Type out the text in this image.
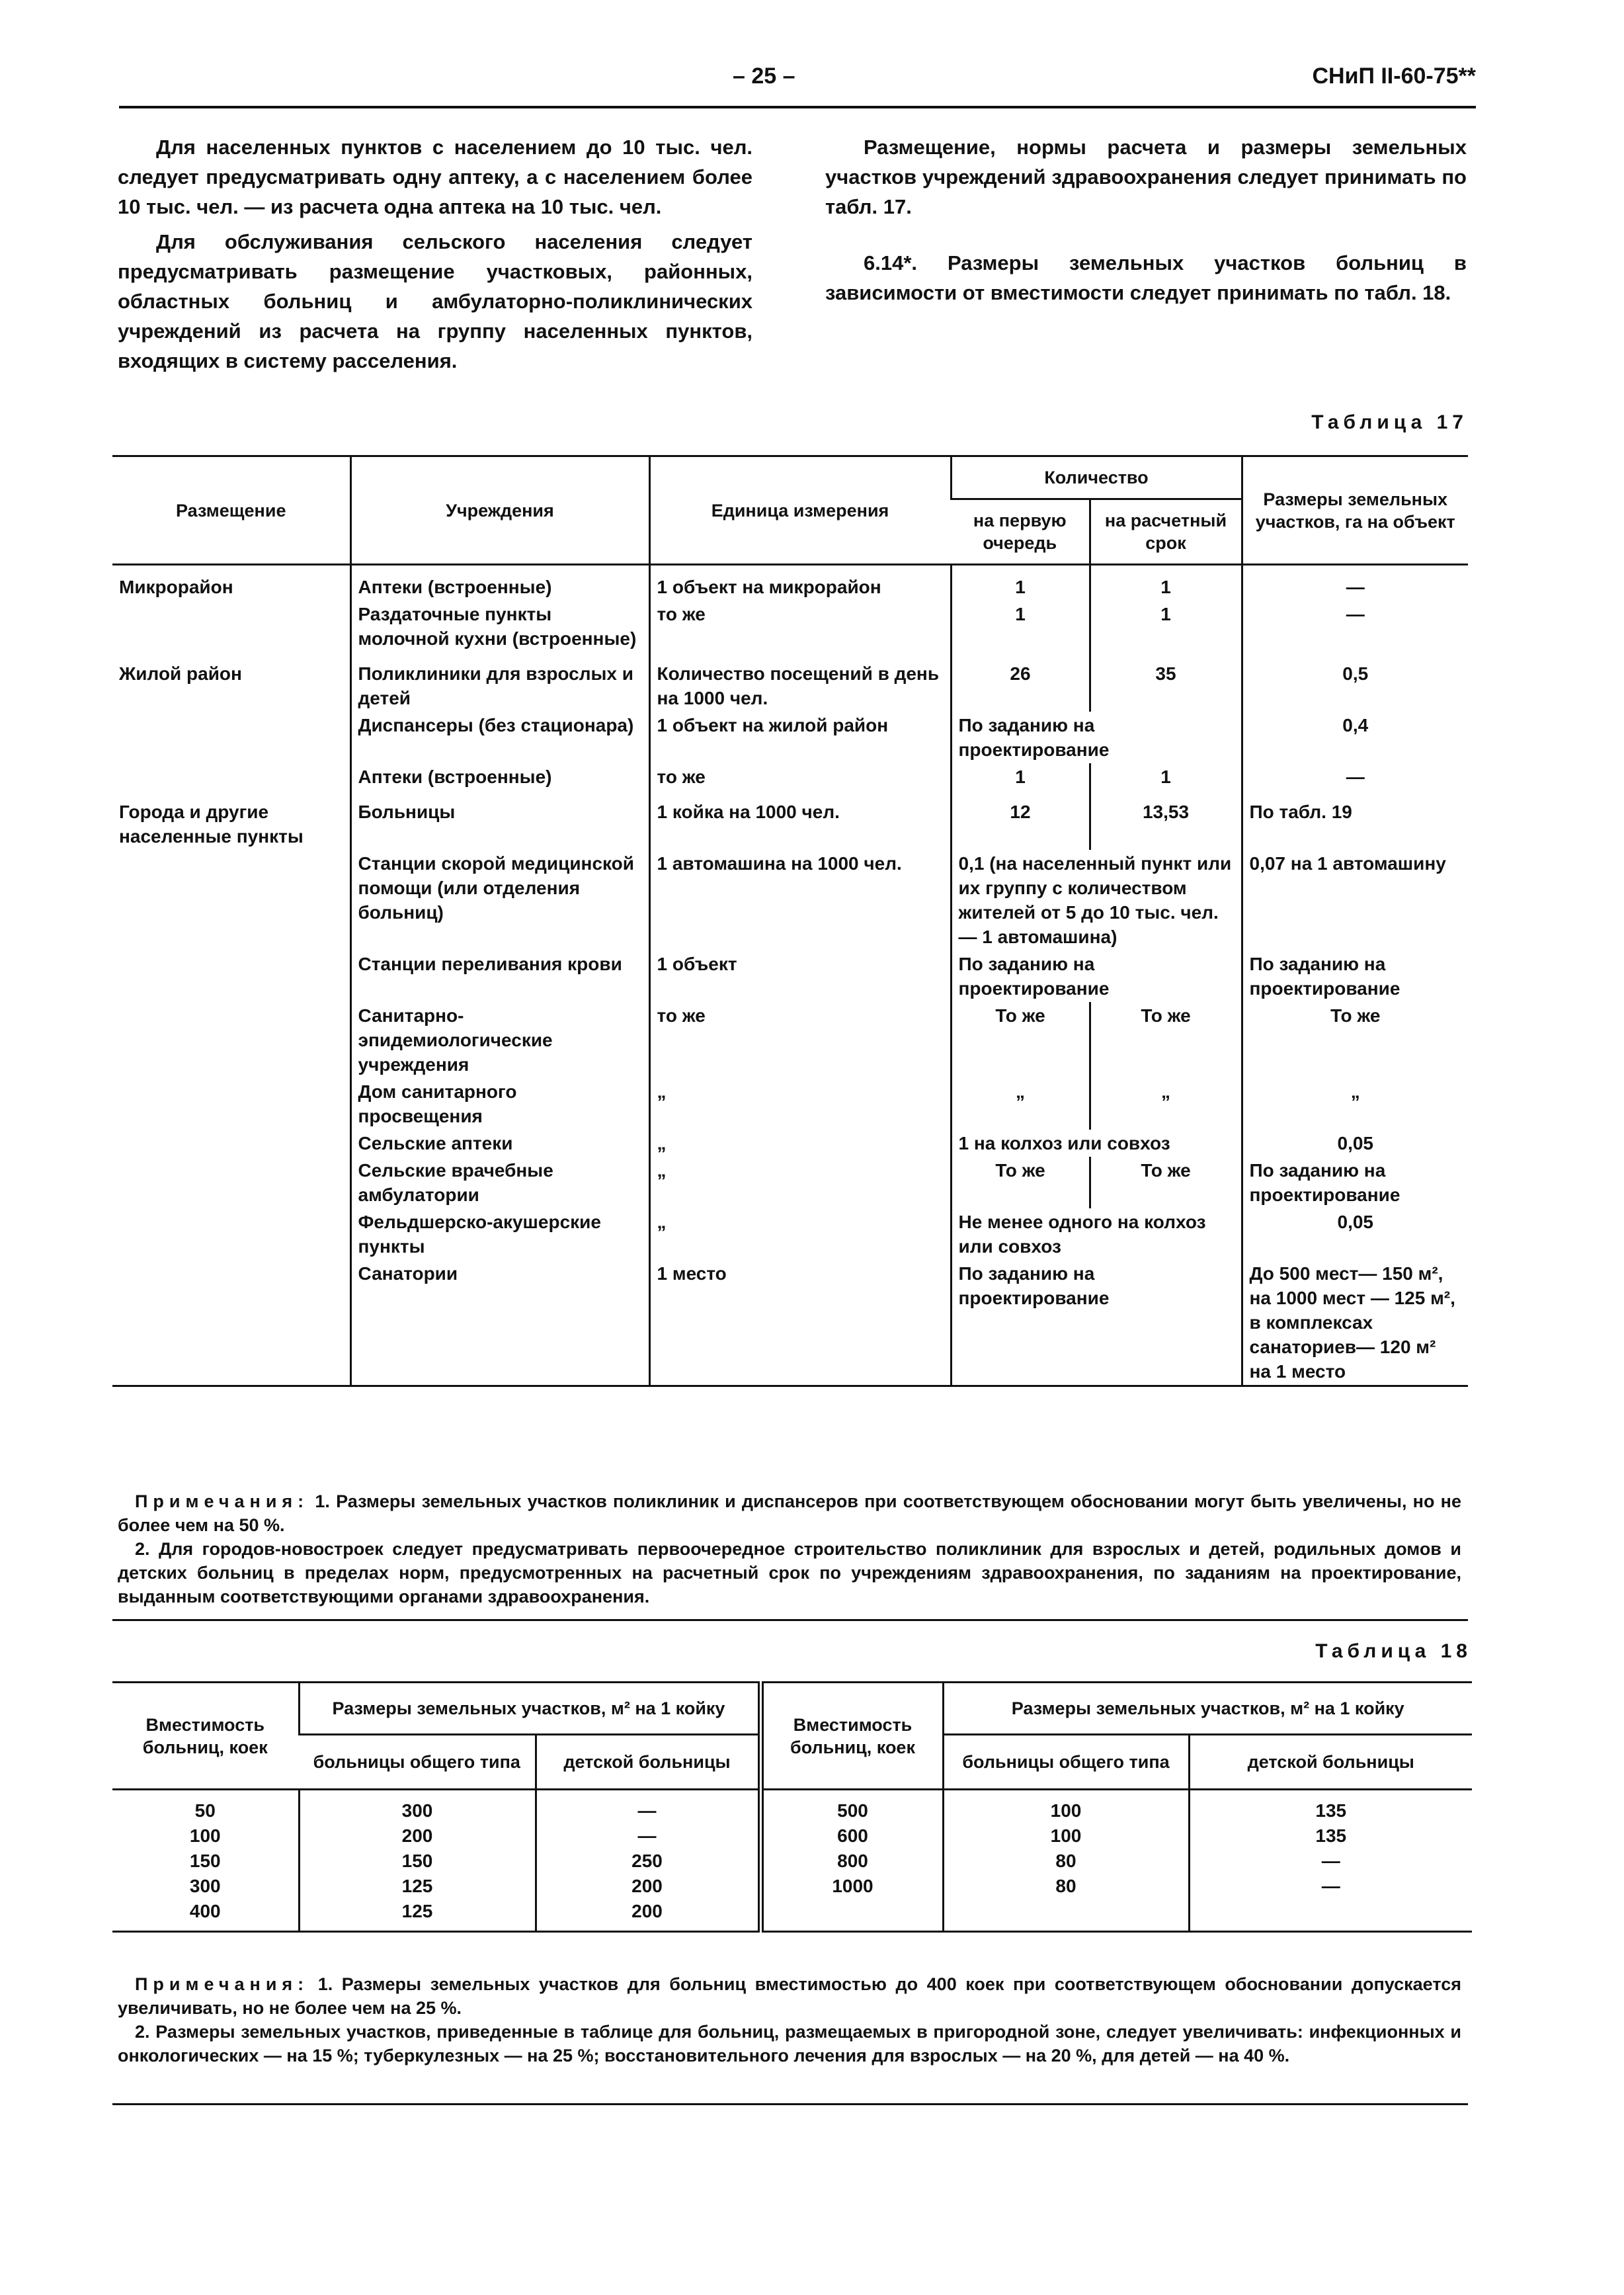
– 25 –	СНиП II-60-75**

Для населенных пунктов с населением до 10 тыс. чел. следует предусматривать одну аптеку, а с населением более 10 тыс. чел. — из расчета одна аптека на 10 тыс. чел.

Для обслуживания сельского населения следует предусматривать размещение участковых, районных, областных больниц и амбулаторно-поликлинических учреждений из расчета на группу населенных пунктов, входящих в систему расселения.

Размещение, нормы расчета и размеры земельных участков учреждений здравоохранения следует принимать по табл. 17.

6.14*. Размеры земельных участков больниц в зависимости от вместимости следует принимать по табл. 18.

Таблица 17
Размещение	Учреждения	Единица измерения	Количество		Размеры земельных участков, га на объект
			на первую очередь	на расчетный срок	
Микрорайон	Аптеки (встроенные)	1 объект на микрорайон	1	1	—
	Раздаточные пункты молочной кухни (встроенные)	то же	1	1	—
Жилой район	Поликлиники для взрослых и детей	Количество посещений в день на 1000 чел.	26	35	0,5
	Диспансеры (без стационара)	1 объект на жилой район	По заданию на проектирование		0,4
	Аптеки (встроенные)	то же	1	1	—
Города и другие населенные пункты	Больницы	1 койка на 1000 чел.	12	13,53	По табл. 19
	Станции скорой медицинской помощи (или отделения больниц)	1 автомашина на 1000 чел.	0,1 (на населенный пункт или их группу с количеством жителей от 5 до 10 тыс. чел. — 1 автомашина)		0,07 на 1 автомашину
	Станции переливания крови	1 объект	По заданию на проектирование		По заданию на проектирование
	Санитарно-эпидемиологические учреждения	то же	То же	То же	То же
	Дом санитарного просвещения	„	„	„	„
	Сельские аптеки	„	1 на колхоз или совхоз		0,05
	Сельские врачебные амбулатории	„	То же	То же	По заданию на проектирование
	Фельдшерско-акушерские пункты	„	Не менее одного на колхоз или совхоз		0,05
	Санатории	1 место	По заданию на проектирование		До 500 мест— 150 м², на 1000 мест — 125 м², в комплексах санаториев— 120 м² на 1 место

Примечания: 1. Размеры земельных участков поликлиник и диспансеров при соответствующем обосновании могут быть увеличены, но не более чем на 50 %.

2. Для городов-новостроек следует предусматривать первоочередное строительство поликлиник для взрослых и детей, родильных домов и детских больниц в пределах норм, предусмотренных на расчетный срок по учреждениям здравоохранения, по заданиям на проектирование, выданным соответствующими органами здравоохранения.

Таблица 18
Вместимость больниц, коек	Размеры земельных участков, м² на 1 койку		Вместимость больниц, коек	Размеры земельных участков, м² на 1 койку	
	больницы общего типа	детской больницы		больницы общего типа	детской больницы
50	300	—	500	100	135
100	200	—	600	100	135
150	150	250	800	80	—
300	125	200	1000	80	—
400	125	200			

Примечания: 1. Размеры земельных участков для больниц вместимостью до 400 коек при соответствующем обосновании допускается увеличивать, но не более чем на 25 %.

2. Размеры земельных участков, приведенные в таблице для больниц, размещаемых в пригородной зоне, следует увеличивать: инфекционных и онкологических — на 15 %; туберкулезных — на 25 %; восстановительного лечения для взрослых — на 20 %, для детей — на 40 %.
